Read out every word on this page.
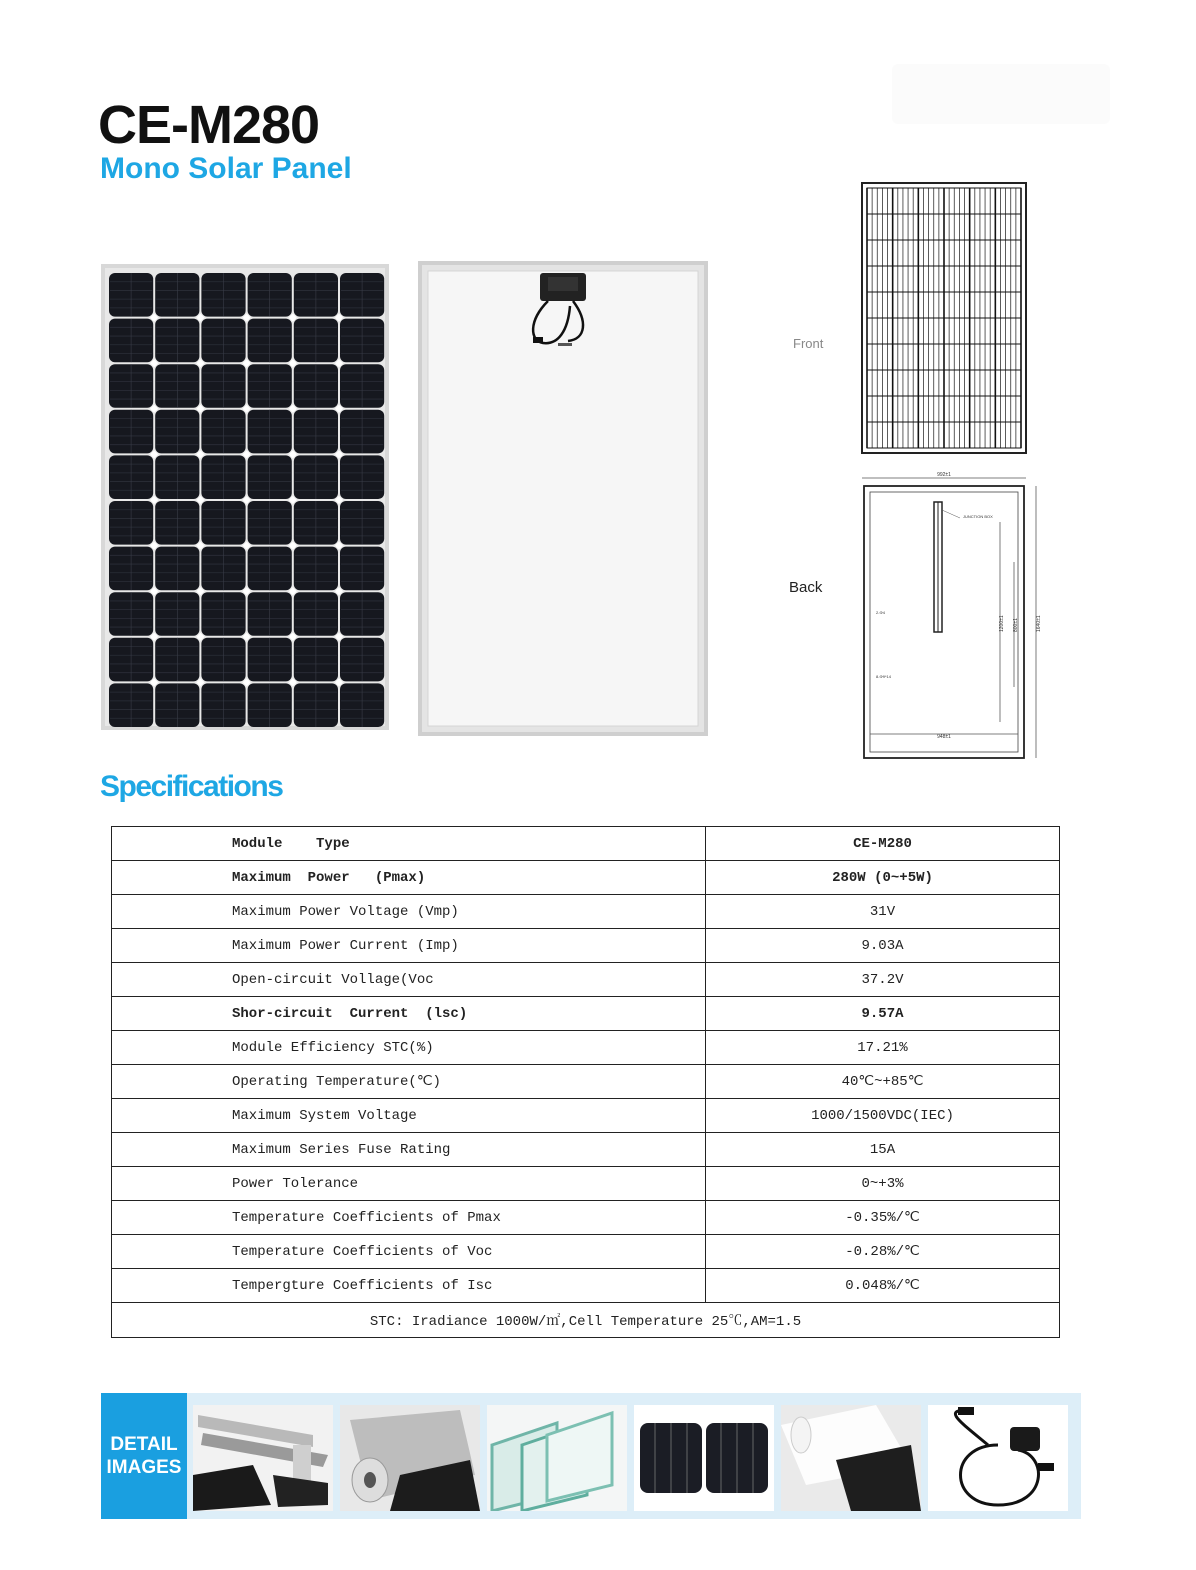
CE-M280
Mono Solar Panel
Front
Back
992±1
JUNCTION BOX
2-Φ4
8-Φ9*14
1200±1 800±1	1640±1
948±1
Specifications
Module    Type	CE-M280
Maximum  Power   (Pmax)	280W (0~+5W)
Maximum Power Voltage (Vmp)	31V
Maximum Power Current (Imp)	9.03A
Open-circuit Vollage(Voc	37.2V
Shor-circuit  Current  (lsc)	9.57A
Module Efficiency STC(%)	17.21%
Operating Temperature(℃)	40℃~+85℃
Maximum System Voltage	1000/1500VDC(IEC)
Maximum Series Fuse Rating	15A
Power Tolerance	0~+3%
Temperature Coefficients of Pmax	-0.35%/℃
Temperature Coefficients of Voc	-0.28%/℃
Tempergture Coefficients of Isc	0.048%/℃
STC: Iradiance 1000W/㎡,Cell Temperature 25℃,AM=1.5	
DETAIL
IMAGES
